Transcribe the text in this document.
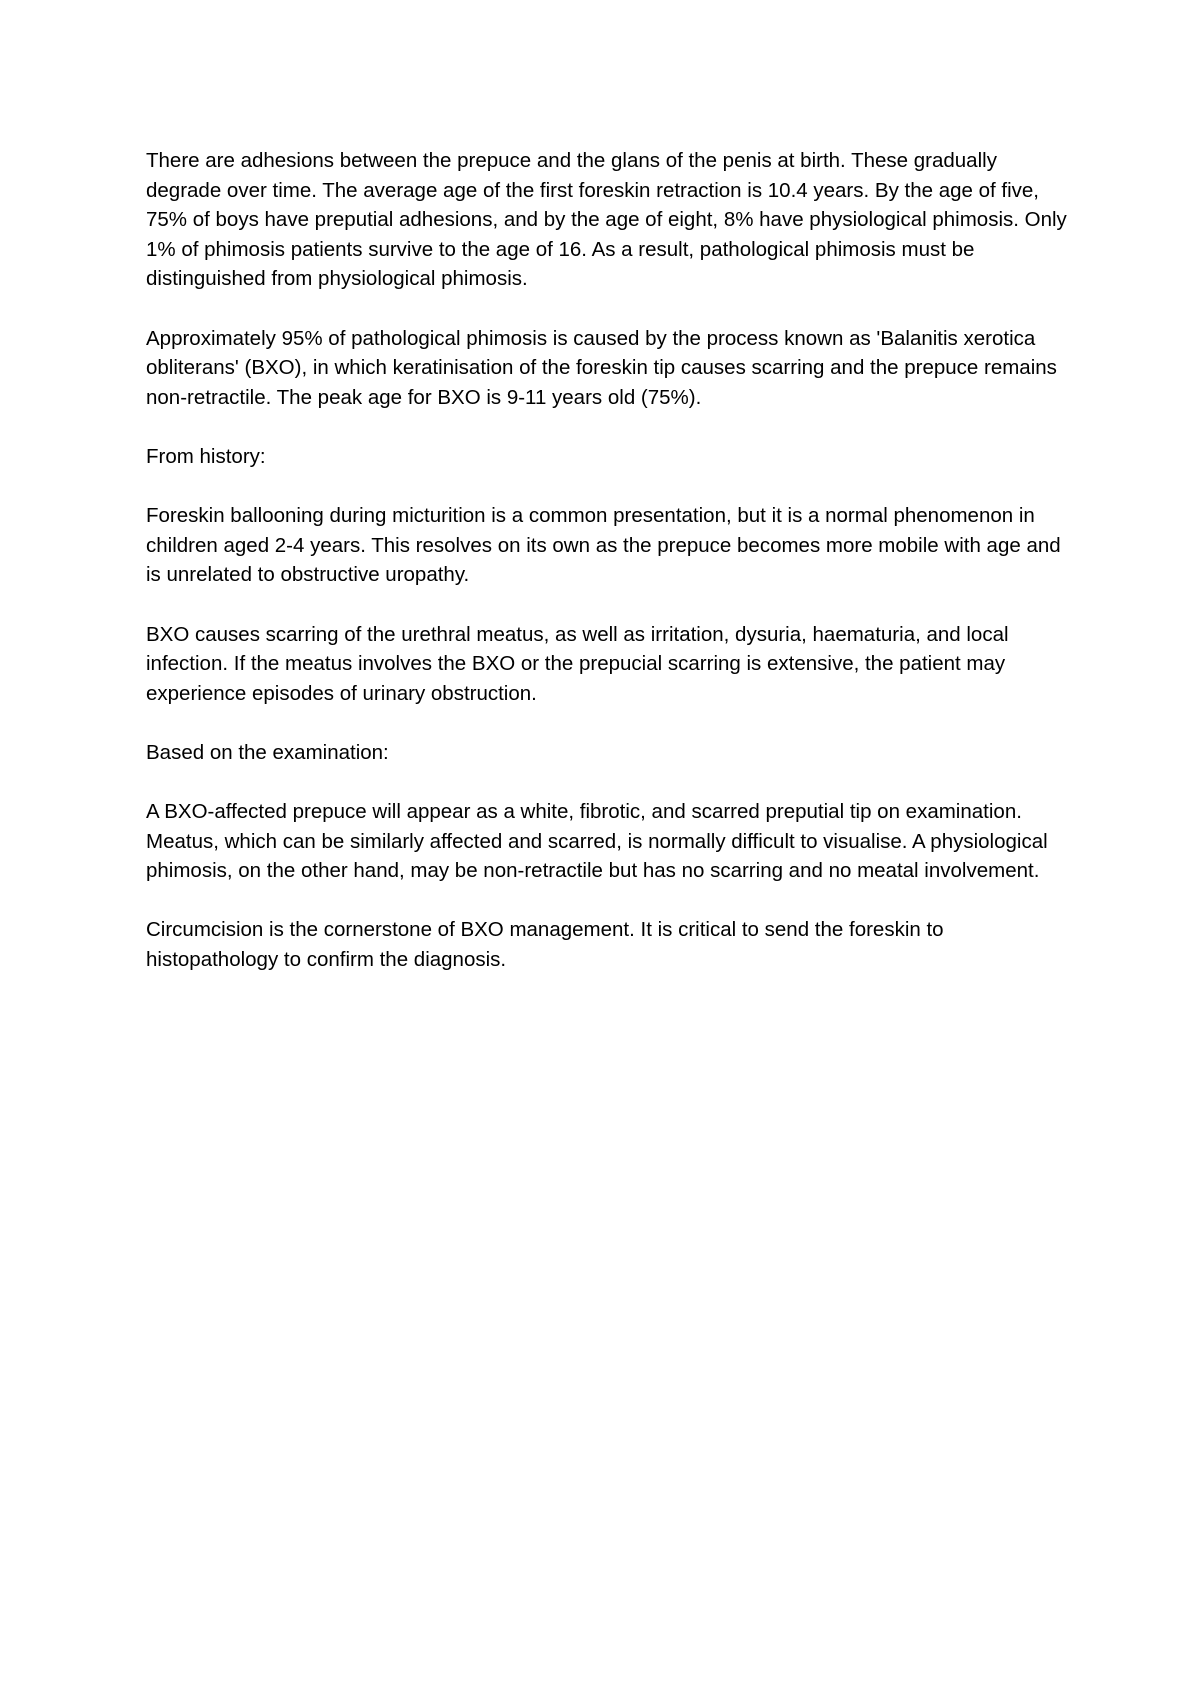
There are adhesions between the prepuce and the glans of the penis at birth. These gradually degrade over time. The average age of the first foreskin retraction is 10.4 years. By the age of five, 75% of boys have preputial adhesions, and by the age of eight, 8% have physiological phimosis. Only 1% of phimosis patients survive to the age of 16. As a result, pathological phimosis must be distinguished from physiological phimosis.

Approximately 95% of pathological phimosis is caused by the process known as 'Balanitis xerotica obliterans' (BXO), in which keratinisation of the foreskin tip causes scarring and the prepuce remains non-retractile. The peak age for BXO is 9-11 years old (75%).

From history:

Foreskin ballooning during micturition is a common presentation, but it is a normal phenomenon in children aged 2-4 years. This resolves on its own as the prepuce becomes more mobile with age and is unrelated to obstructive uropathy.

BXO causes scarring of the urethral meatus, as well as irritation, dysuria, haematuria, and local infection. If the meatus involves the BXO or the prepucial scarring is extensive, the patient may experience episodes of urinary obstruction.

Based on the examination:

A BXO-affected prepuce will appear as a white, fibrotic, and scarred preputial tip on examination. Meatus, which can be similarly affected and scarred, is normally difficult to visualise. A physiological phimosis, on the other hand, may be non-retractile but has no scarring and no meatal involvement.

Circumcision is the cornerstone of BXO management. It is critical to send the foreskin to histopathology to confirm the diagnosis.
